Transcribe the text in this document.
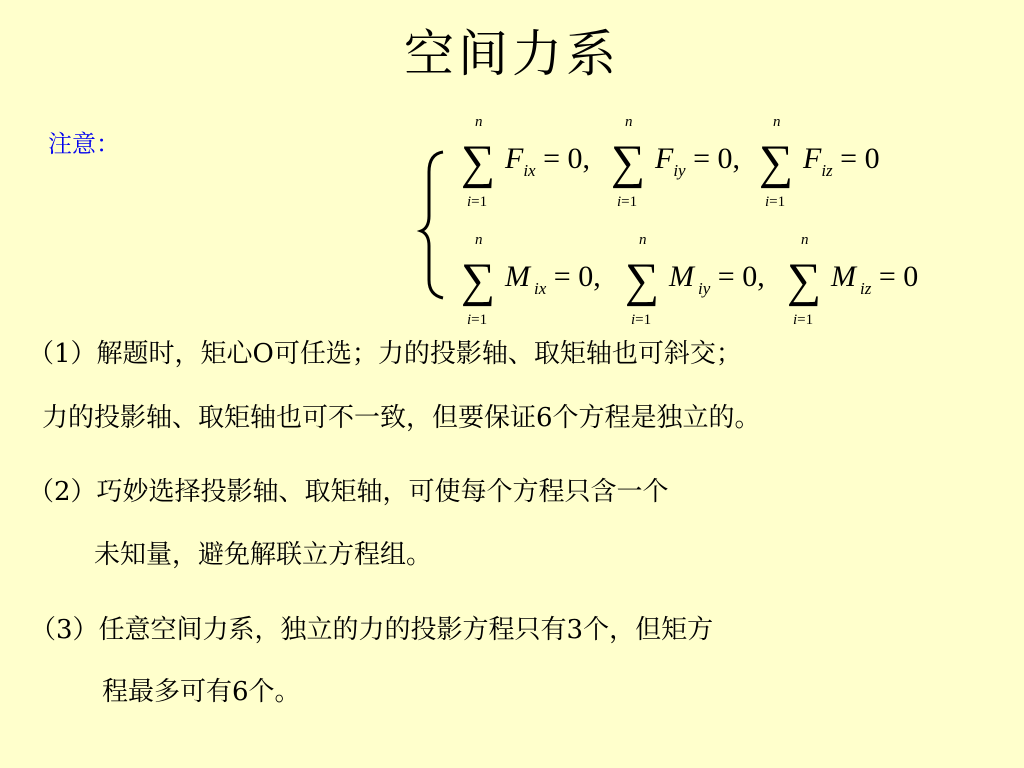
空间力系
注意：
n
∑
i=1
$F_{ix} = 0$,
n
∑
i=1
$F_{iy} = 0$,
n
∑
i=1
$F_{iz} = 0$
n
∑
i=1
M $_{ix}$ = 0,
n
∑
i=1
M $_{iy}$ = 0,
n
∑
i=1
M $_{iz}$ = 0
（1）解题时，矩心O可任选；力的投影轴、取矩轴也可斜交；
力的投影轴、取矩轴也可不一致，但要保证6个方程是独立的。
（2）巧妙选择投影轴、取矩轴，可使每个方程只含一个
未知量，避免解联立方程组。
（3）任意空间力系，独立的力的投影方程只有3个，但矩方
程最多可有6个。
